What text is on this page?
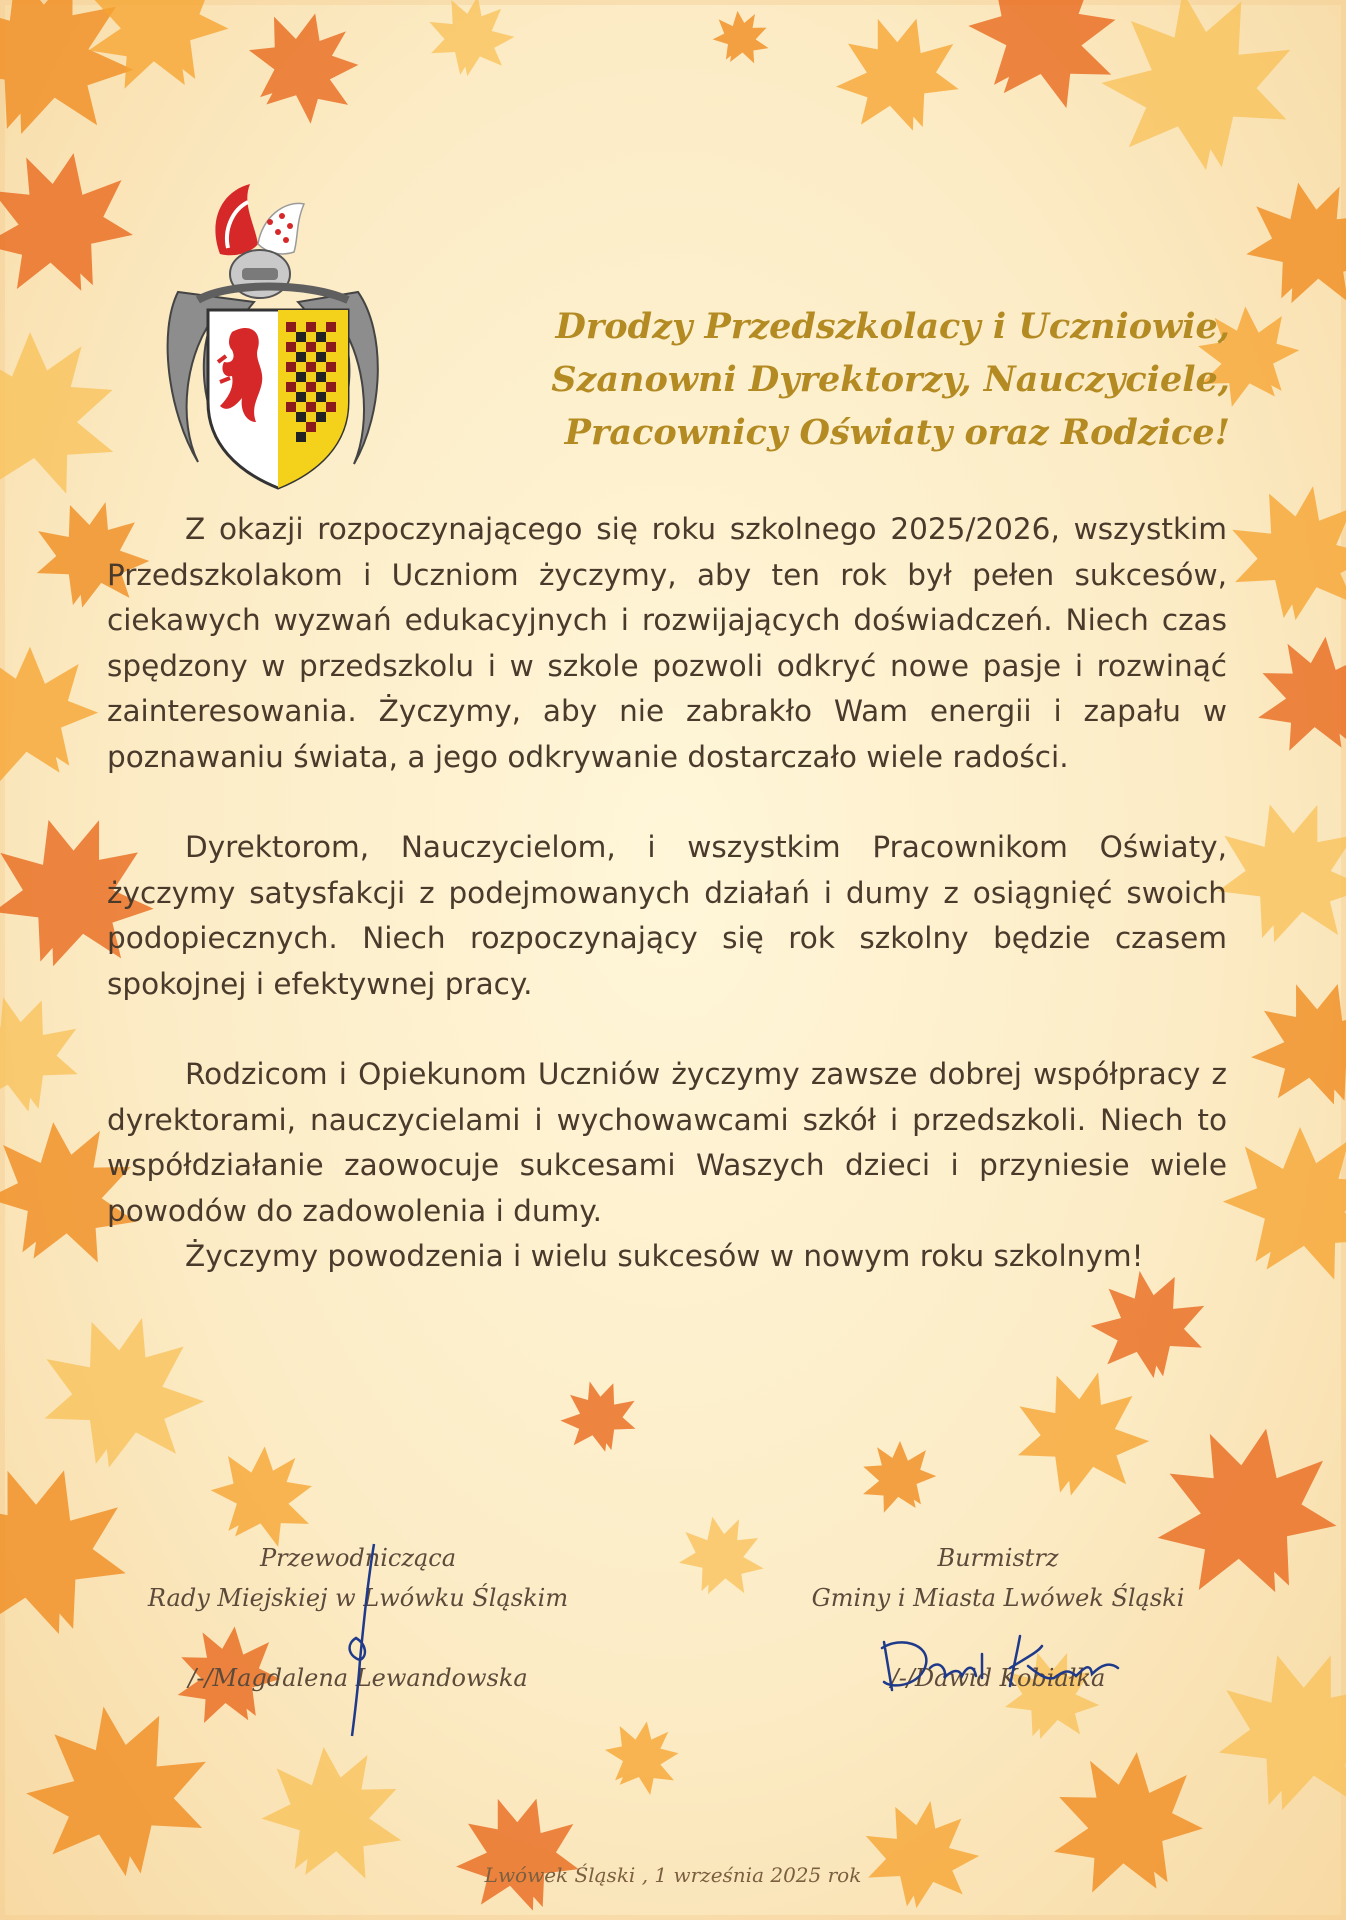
Drodzy Przedszkolacy i Uczniowie,
Szanowni Dyrektorzy, Nauczyciele,
Pracownicy Oświaty oraz Rodzice!

Z okazji rozpoczynającego się roku szkolnego 2025/2026, wszystkim Przedszkolakom i Uczniom życzymy, aby ten rok był pełen sukcesów, ciekawych wyzwań edukacyjnych i rozwijających doświadczeń. Niech czas spędzony w przedszkolu i w szkole pozwoli odkryć nowe pasje i rozwinąć zainteresowania. Życzymy, aby nie zabrakło Wam energii i zapału w poznawaniu świata, a jego odkrywanie dostarczało wiele radości.

Dyrektorom, Nauczycielom, i wszystkim Pracownikom Oświaty, życzymy satysfakcji z podejmowanych działań i dumy z osiągnięć swoich podopiecznych. Niech rozpoczynający się rok szkolny będzie czasem spokojnej i efektywnej pracy.

Rodzicom i Opiekunom Uczniów życzymy zawsze dobrej współpracy z dyrektorami, nauczycielami i wychowawcami szkół i przedszkoli. Niech to współdziałanie zaowocuje sukcesami Waszych dzieci i przyniesie wiele powodów do zadowolenia i dumy.

Życzymy powodzenia i wielu sukcesów w nowym roku szkolnym!

Przewodnicząca
Rady Miejskiej w Lwówku Śląskim
/-/Magdalena Lewandowska
Burmistrz
Gminy i Miasta Lwówek Śląski
/-/Dawid Kobiałka
Lwówek Śląski , 1 września 2025 rok
